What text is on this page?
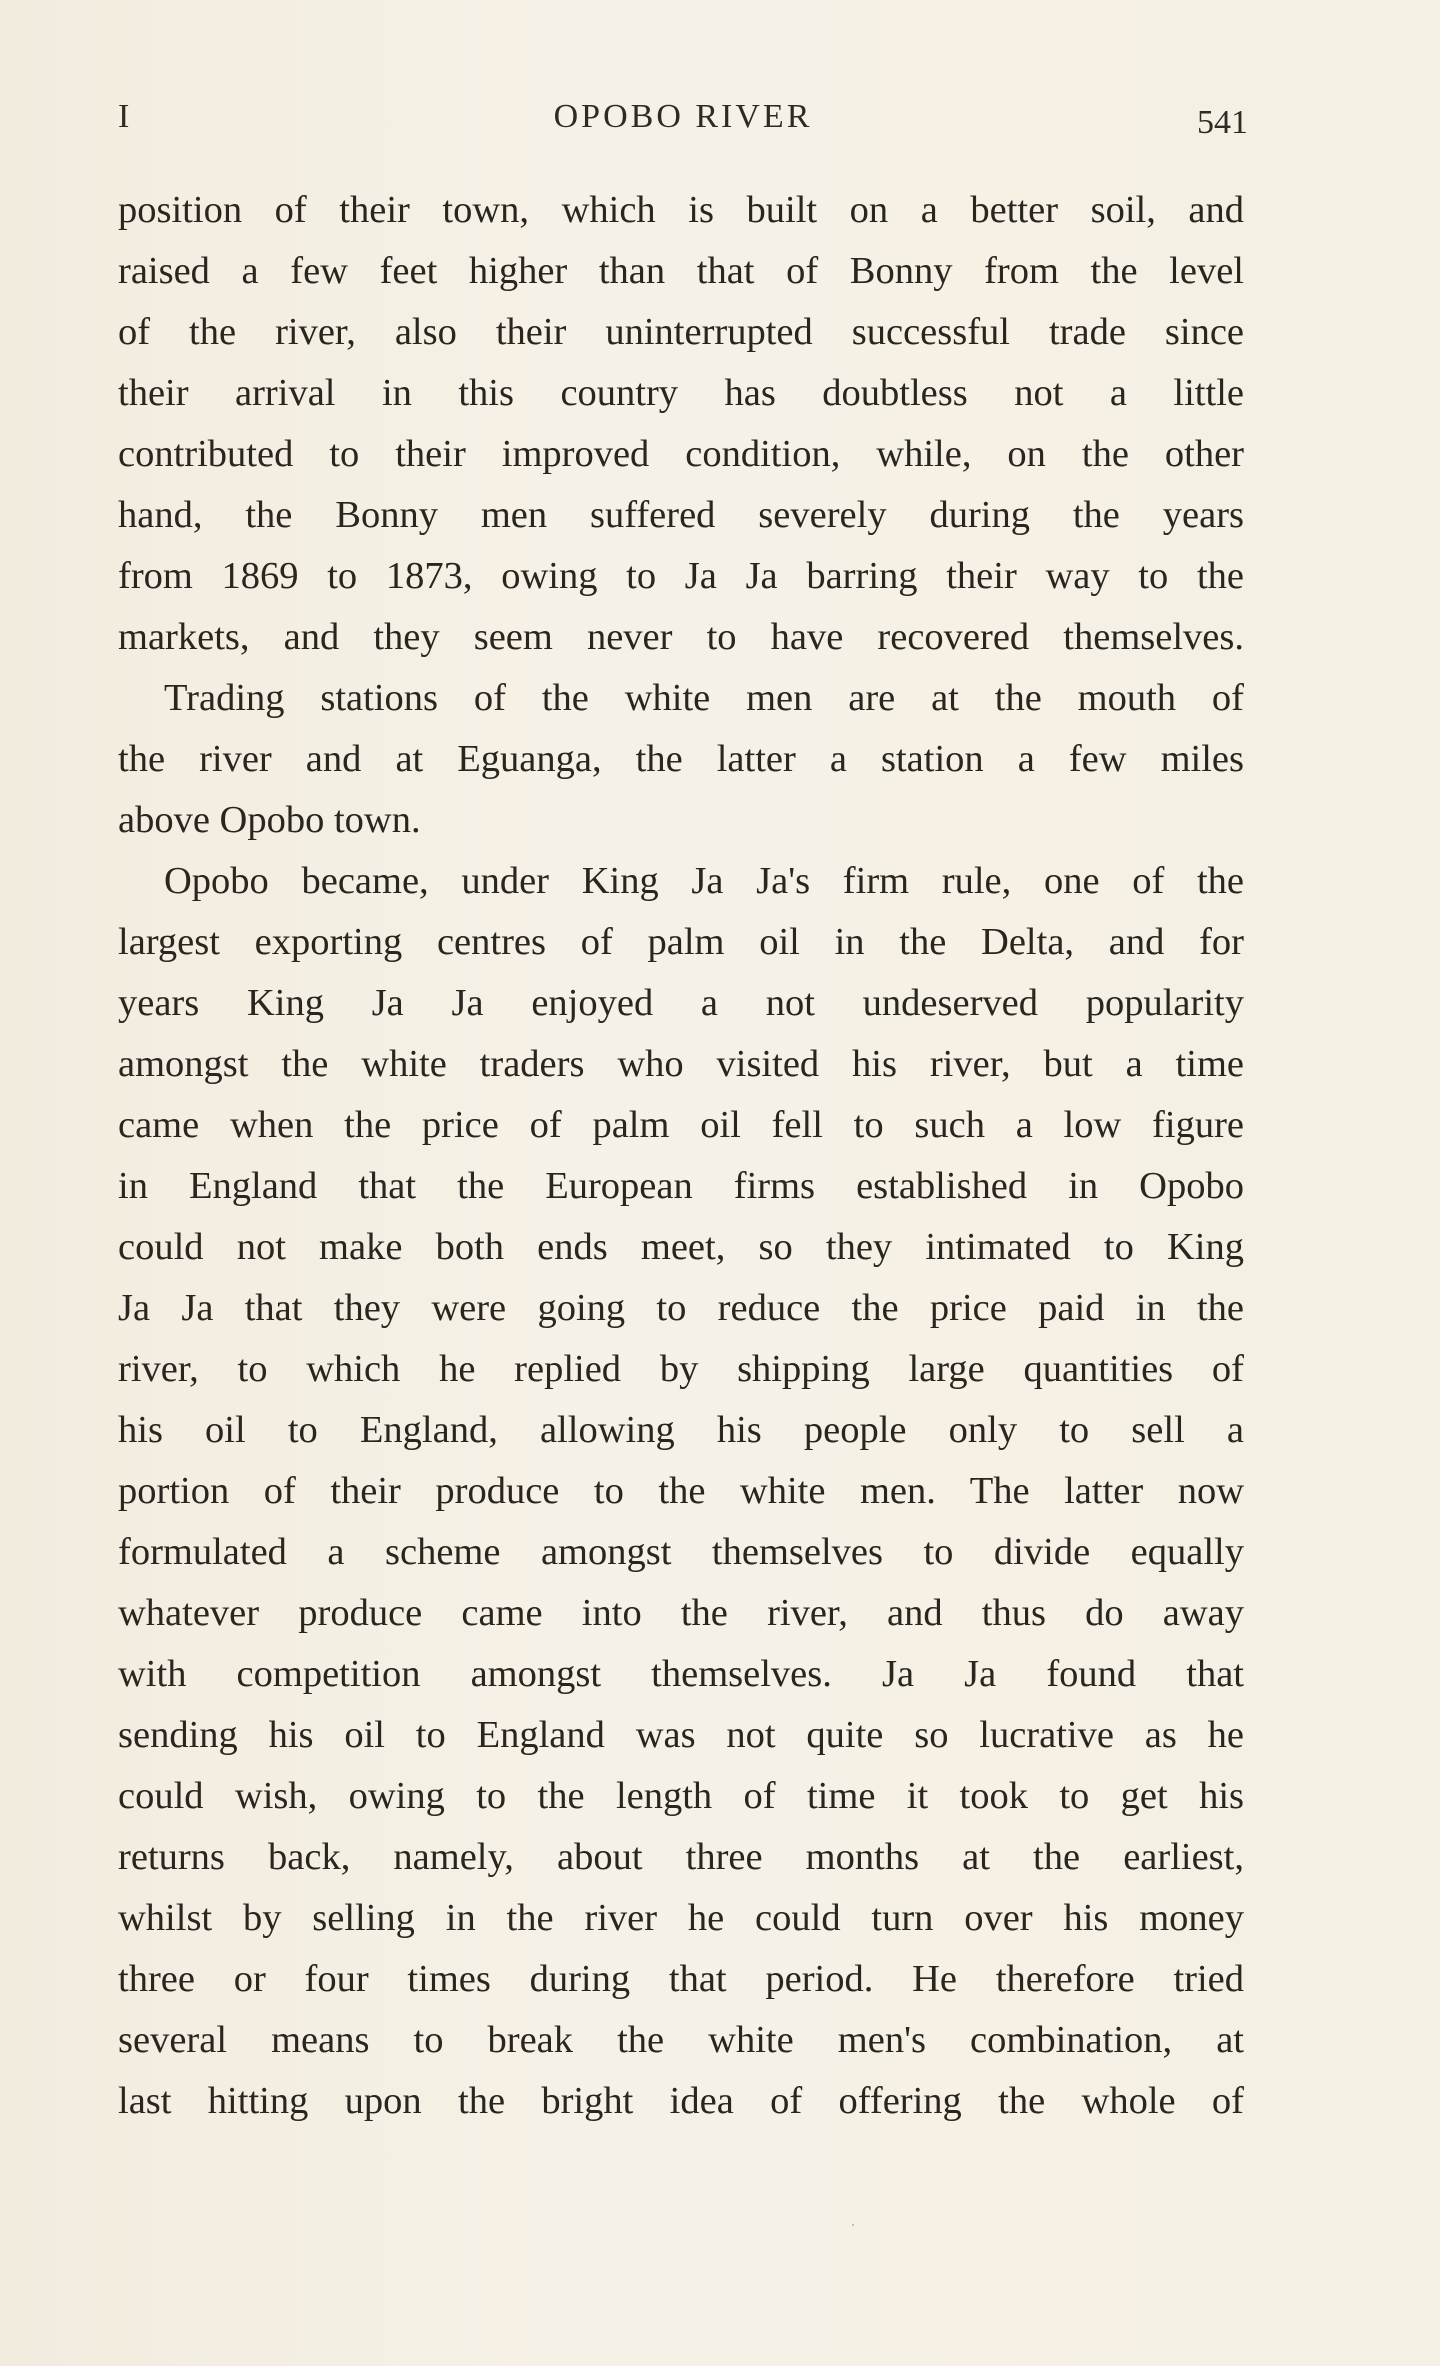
I	OPOBO RIVER	541
position of their town, which is built on a better soil, and
raised a few feet higher than that of Bonny from the level
of the river, also their uninterrupted successful trade since
their arrival in this country has doubtless not a little
contributed to their improved condition, while, on the other
hand, the Bonny men suffered severely during the years
from 1869 to 1873, owing to Ja Ja barring their way to the
markets, and they seem never to have recovered themselves.
Trading stations of the white men are at the mouth of
the river and at Eguanga, the latter a station a few miles
above Opobo town.
Opobo became, under King Ja Ja's firm rule, one of the
largest exporting centres of palm oil in the Delta, and for
years King Ja Ja enjoyed a not undeserved popularity
amongst the white traders who visited his river, but a time
came when the price of palm oil fell to such a low figure
in England that the European firms established in Opobo
could not make both ends meet, so they intimated to King
Ja Ja that they were going to reduce the price paid in the
river, to which he replied by shipping large quantities of
his oil to England, allowing his people only to sell a
portion of their produce to the white men. The latter now
formulated a scheme amongst themselves to divide equally
whatever produce came into the river, and thus do away
with competition amongst themselves. Ja Ja found that
sending his oil to England was not quite so lucrative as he
could wish, owing to the length of time it took to get his
returns back, namely, about three months at the earliest,
whilst by selling in the river he could turn over his money
three or four times during that period. He therefore tried
several means to break the white men's combination, at
last hitting upon the bright idea of offering the whole of
